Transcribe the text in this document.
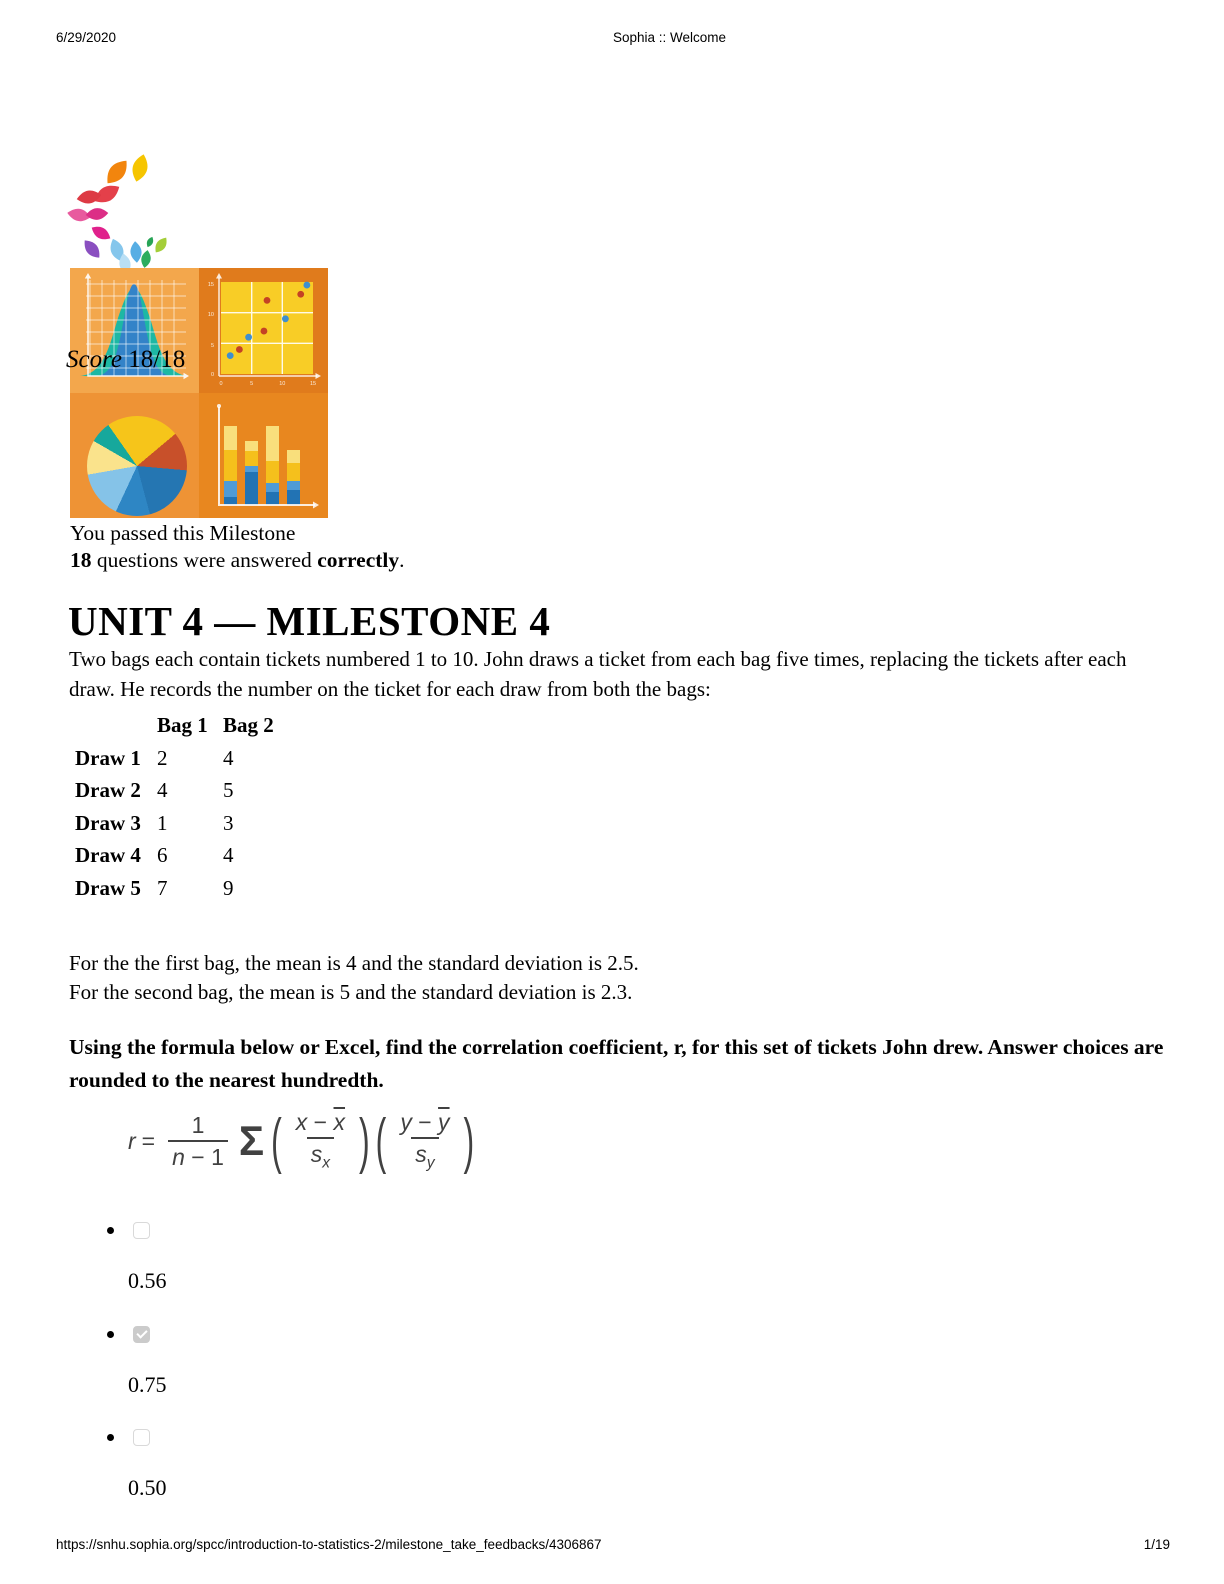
6/29/2020	Sophia :: Welcome
15
10
5
0
0	5	10	15
Score 18/18
You passed this Milestone
18 questions were answered correctly.
UNIT 4 — MILESTONE 4

Two bags each contain tickets numbered 1 to 10. John draws a ticket from each bag five times, replacing the tickets after each draw. He records the number on the ticket for each draw from both the bags:

Bag 1 Bag 2
Draw 1 2	4
Draw 2 4	5
Draw 3 1	3
Draw 4 6	4
Draw 5 7	9
For the the first bag, the mean is 4 and the standard deviation is 2.5.
For the second bag, the mean is 5 and the standard deviation is 2.3.
Using the formula below or Excel, find the correlation coefficient, r, for this set of tickets John drew. Answer choices are rounded to the nearest hundredth.
$r = \frac{1}{n - 1}$ Σ ( $\frac{x - \overline{x}}{s_x}$ ) ( $\frac{y - \overline{y}}{s_y}$ )
0.56
0.75
0.50
https://snhu.sophia.org/spcc/introduction-to-statistics-2/milestone_take_feedbacks/4306867	1/19
